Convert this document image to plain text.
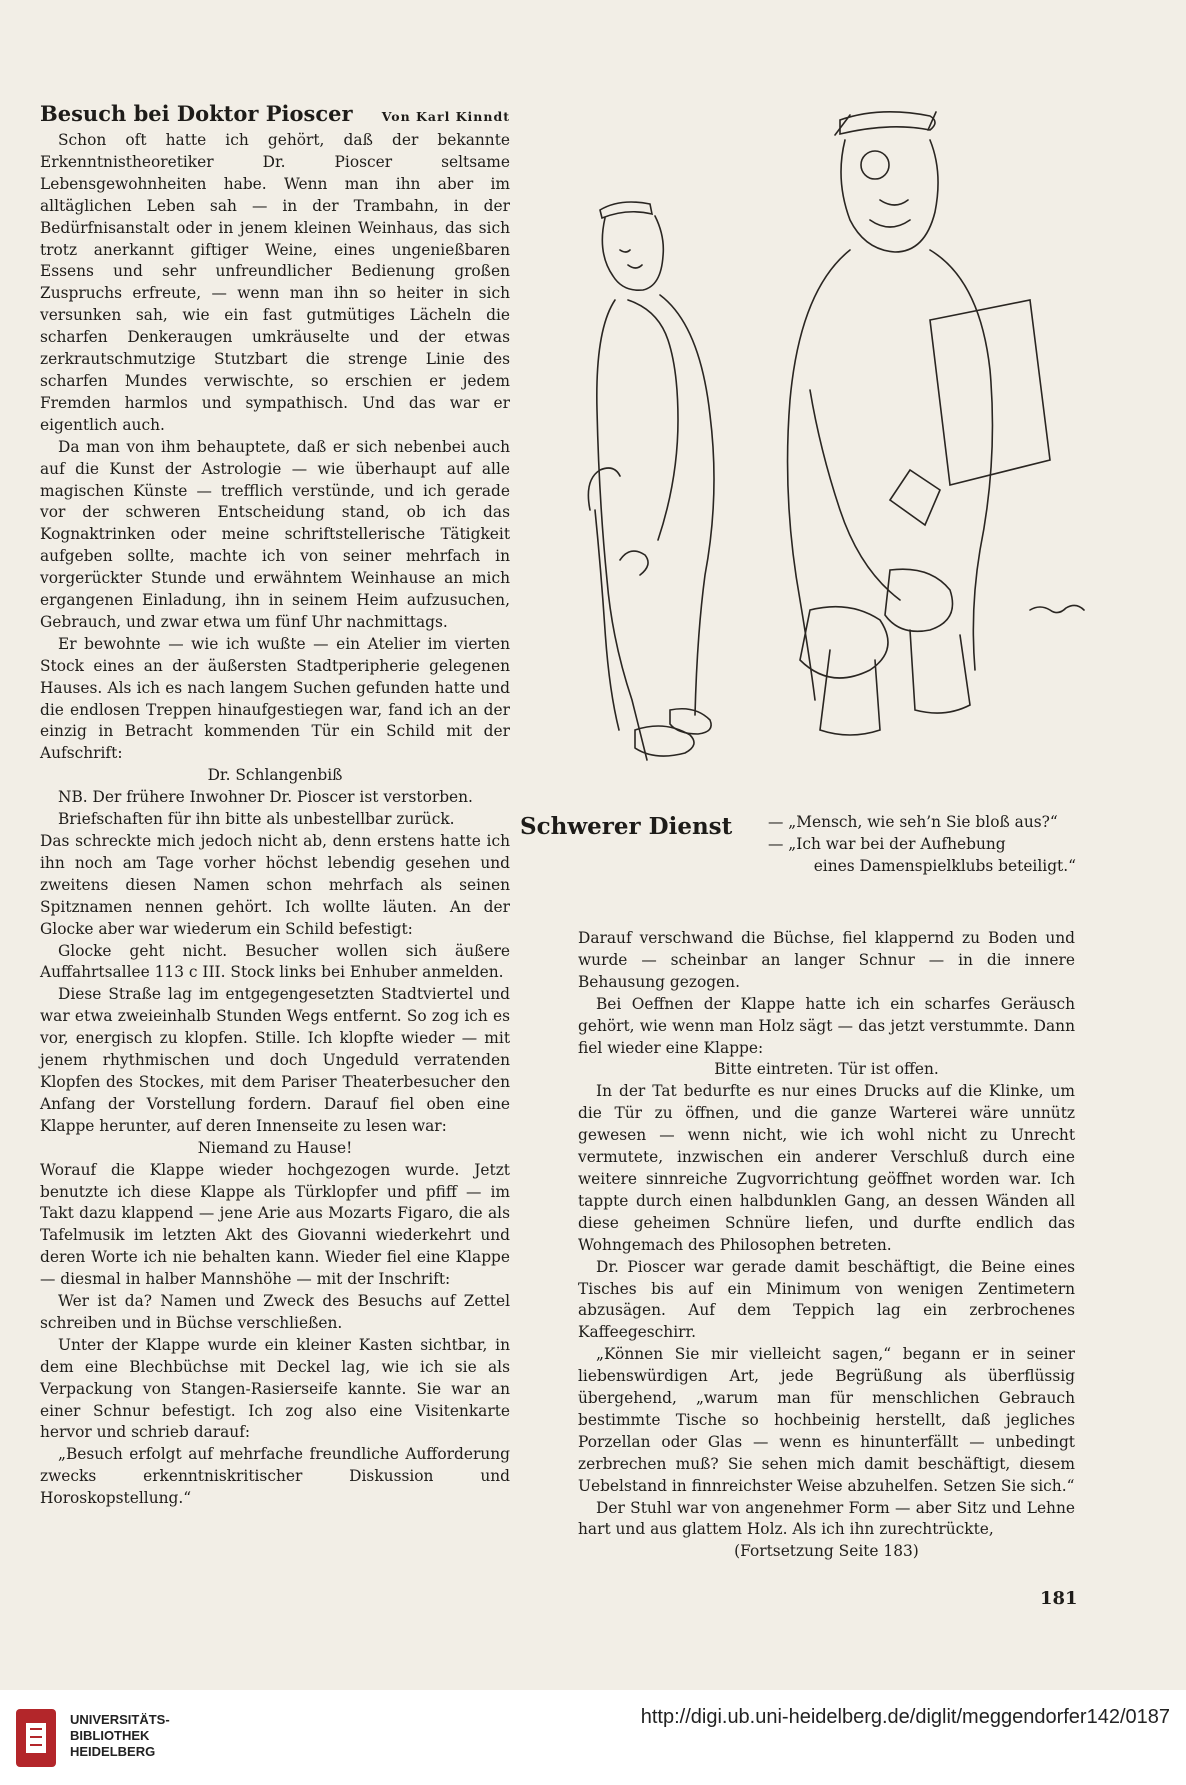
Besuch bei Doktor Pioscer Von Karl Kinndt

Schon oft hatte ich gehört, daß der bekannte Erkenntnistheoretiker Dr. Pioscer seltsame Lebensgewohnheiten habe. Wenn man ihn aber im alltäglichen Leben sah — in der Trambahn, in der Bedürfnisanstalt oder in jenem kleinen Weinhaus, das sich trotz anerkannt giftiger Weine, eines ungenießbaren Essens und sehr unfreundlicher Bedienung großen Zuspruchs erfreute, — wenn man ihn so heiter in sich versunken sah, wie ein fast gutmütiges Lächeln die scharfen Denkeraugen umkräuselte und der etwas zerkrautschmutzige Stutzbart die strenge Linie des scharfen Mundes verwischte, so erschien er jedem Fremden harmlos und sympathisch. Und das war er eigentlich auch.

Da man von ihm behauptete, daß er sich nebenbei auch auf die Kunst der Astrologie — wie überhaupt auf alle magischen Künste — trefflich verstünde, und ich gerade vor der schweren Entscheidung stand, ob ich das Kognaktrinken oder meine schriftstellerische Tätigkeit aufgeben sollte, machte ich von seiner mehrfach in vorgerückter Stunde und erwähntem Weinhause an mich ergangenen Einladung, ihn in seinem Heim aufzusuchen, Gebrauch, und zwar etwa um fünf Uhr nachmittags.

Er bewohnte — wie ich wußte — ein Atelier im vierten Stock eines an der äußersten Stadtperipherie gelegenen Hauses. Als ich es nach langem Suchen gefunden hatte und die endlosen Treppen hinaufgestiegen war, fand ich an der einzig in Betracht kommenden Tür ein Schild mit der Aufschrift:

Dr. Schlangenbiß

NB. Der frühere Inwohner Dr. Pioscer ist verstorben.

Briefschaften für ihn bitte als unbestellbar zurück.

Das schreckte mich jedoch nicht ab, denn erstens hatte ich ihn noch am Tage vorher höchst lebendig gesehen und zweitens diesen Namen schon mehrfach als seinen Spitznamen nennen gehört. Ich wollte läuten. An der Glocke aber war wiederum ein Schild befestigt:

Glocke geht nicht. Besucher wollen sich äußere Auffahrtsallee 113 c III. Stock links bei Enhuber anmelden.

Diese Straße lag im entgegengesetzten Stadtviertel und war etwa zweieinhalb Stunden Wegs entfernt. So zog ich es vor, energisch zu klopfen. Stille. Ich klopfte wieder — mit jenem rhythmischen und doch Ungeduld verratenden Klopfen des Stockes, mit dem Pariser Theaterbesucher den Anfang der Vorstellung fordern. Darauf fiel oben eine Klappe herunter, auf deren Innenseite zu lesen war:

Niemand zu Hause!

Worauf die Klappe wieder hochgezogen wurde. Jetzt benutzte ich diese Klappe als Türklopfer und pfiff — im Takt dazu klappend — jene Arie aus Mozarts Figaro, die als Tafelmusik im letzten Akt des Giovanni wiederkehrt und deren Worte ich nie behalten kann. Wieder fiel eine Klappe — diesmal in halber Mannshöhe — mit der Inschrift:

Wer ist da? Namen und Zweck des Besuchs auf Zettel schreiben und in Büchse verschließen.

Unter der Klappe wurde ein kleiner Kasten sichtbar, in dem eine Blechbüchse mit Deckel lag, wie ich sie als Verpackung von Stangen-Rasierseife kannte. Sie war an einer Schnur befestigt. Ich zog also eine Visitenkarte hervor und schrieb darauf:

„Besuch erfolgt auf mehrfache freundliche Aufforderung zwecks erkenntniskritischer Diskussion und Horoskopstellung.“

Schwerer Dienst — „Mensch, wie seh’n Sie bloß aus?“
— „Ich war bei der Aufhebung
eines Damenspielklubs beteiligt.“

Darauf verschwand die Büchse, fiel klappernd zu Boden und wurde — scheinbar an langer Schnur — in die innere Behausung gezogen.

Bei Oeffnen der Klappe hatte ich ein scharfes Geräusch gehört, wie wenn man Holz sägt — das jetzt verstummte. Dann fiel wieder eine Klappe:

Bitte eintreten. Tür ist offen.

In der Tat bedurfte es nur eines Drucks auf die Klinke, um die Tür zu öffnen, und die ganze Warterei wäre unnütz gewesen — wenn nicht, wie ich wohl nicht zu Unrecht vermutete, inzwischen ein anderer Verschluß durch eine weitere sinnreiche Zugvorrichtung geöffnet worden war. Ich tappte durch einen halbdunklen Gang, an dessen Wänden all diese geheimen Schnüre liefen, und durfte endlich das Wohngemach des Philosophen betreten.

Dr. Pioscer war gerade damit beschäftigt, die Beine eines Tisches bis auf ein Minimum von wenigen Zentimetern abzusägen. Auf dem Teppich lag ein zerbrochenes Kaffeegeschirr.

„Können Sie mir vielleicht sagen,“ begann er in seiner liebenswürdigen Art, jede Begrüßung als überflüssig übergehend, „warum man für menschlichen Gebrauch bestimmte Tische so hochbeinig herstellt, daß jegliches Porzellan oder Glas — wenn es hinunterfällt — unbedingt zerbrechen muß? Sie sehen mich damit beschäftigt, diesem Uebelstand in finnreichster Weise abzuhelfen. Setzen Sie sich.“

Der Stuhl war von angenehmer Form — aber Sitz und Lehne hart und aus glattem Holz. Als ich ihn zurechtrückte,

(Fortsetzung Seite 183)

181
UNIVERSITÄTS-
BIBLIOTHEK
HEIDELBERG
http://digi.ub.uni-heidelberg.de/diglit/meggendorfer142/0187
